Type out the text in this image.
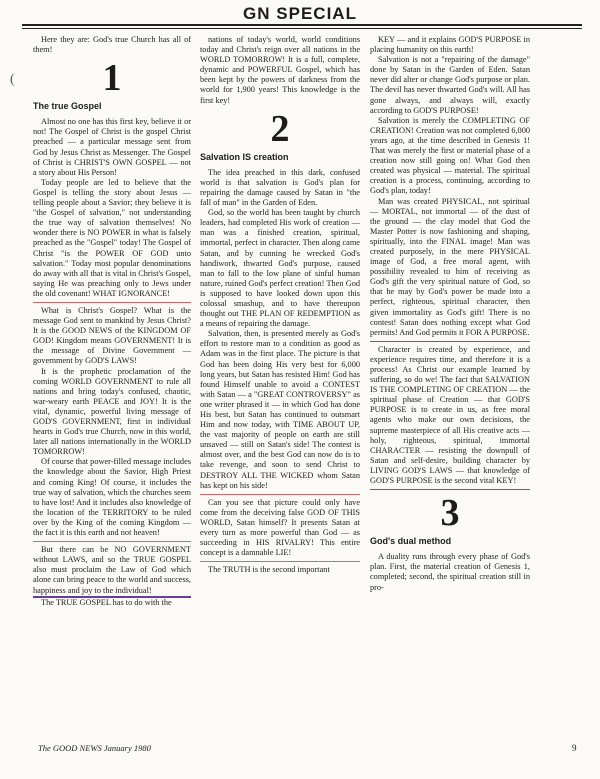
GN SPECIAL
(

Here they are: God's true Church has all of them!

1
The true Gospel

Almost no one has this first key, believe it or not! The Gospel of Christ is the gospel Christ preached — a particular message sent from God by Jesus Christ as Messenger. The Gospel of Christ is CHRIST'S OWN GOSPEL — not a story about His Person!

Today people are led to believe that the Gospel is telling the story about Jesus — telling people about a Savior; they believe it is "the Gospel of salvation," not understanding the true way of salvation themselves! No wonder there is NO POWER in what is falsely preached as the "Gospel" today! The Gospel of Christ "is the POWER OF GOD unto salvation." Today most popular denominations do away with all that is vital in Christ's Gospel, saying He was preaching only to Jews under the old covenant! WHAT IGNORANCE!

What is Christ's Gospel? What is the message God sent to mankind by Jesus Christ? It is the GOOD NEWS of the KINGDOM OF GOD! Kingdom means GOVERNMENT! It is the message of Divine Government — government by GOD'S LAWS!

It is the prophetic proclamation of the coming WORLD GOVERNMENT to rule all nations and bring today's confused, chaotic, war-weary earth PEACE and JOY! It is the vital, dynamic, powerful living message of GOD'S GOVERNMENT, first in individual hearts in God's true Church, now in this world, later all nations internationally in the WORLD TOMORROW!

Of course that power-filled message includes the knowledge about the Savior, High Priest and coming King! Of course, it includes the true way of salvation, which the churches seem to have lost! And it includes also knowledge of the location of the TERRITORY to be ruled over by the King of the coming Kingdom — the fact it is this earth and not heaven!

But there can be NO GOVERNMENT without LAWS, and so the TRUE GOSPEL also must proclaim the Law of God which alone can bring peace to the world and success, happiness and joy to the individual!

The TRUE GOSPEL has to do with the

nations of today's world, world conditions today and Christ's reign over all nations in the WORLD TOMORROW! It is a full, complete, dynamic and POWERFUL Gospel, which has been kept by the powers of darkness from the world for 1,900 years! This knowledge is the first key!

2
Salvation IS creation

The idea preached in this dark, confused world is that salvation is God's plan for repairing the damage caused by Satan in "the fall of man" in the Garden of Eden.

God, so the world has been taught by church leaders, had completed His work of creation — man was a finished creation, spiritual, immortal, perfect in character. Then along came Satan, and by cunning he wrecked God's handiwork, thwarted God's purpose, caused man to fall to the low plane of sinful human nature, ruined God's perfect creation! Then God is supposed to have looked down upon this colossal smashup, and to have thereupon thought out THE PLAN OF REDEMPTION as a means of repairing the damage.

Salvation, then, is presented merely as God's effort to restore man to a condition as good as Adam was in the first place. The picture is that God has been doing His very best for 6,000 long years, but Satan has resisted Him! God has found Himself unable to avoid a CONTEST with Satan — a "GREAT CONTROVERSY" as one writer phrased it — in which God has done His best, but Satan has continued to outsmart Him and now today, with TIME ABOUT UP, the vast majority of people on earth are still unsaved — still on Satan's side! The contest is almost over, and the best God can now do is to take revenge, and soon to send Christ to DESTROY ALL THE WICKED whom Satan has kept on his side!

Can you see that picture could only have come from the deceiving false GOD OF THIS WORLD, Satan himself? It presents Satan at every turn as more powerful than God — as succeeding in HIS RIVALRY! This entire concept is a damnable LIE!

The TRUTH is the second important

KEY — and it explains GOD'S PURPOSE in placing humanity on this earth!

Salvation is not a "repairing of the damage" done by Satan in the Garden of Eden. Satan never did alter or change God's purpose or plan. The devil has never thwarted God's will. All has gone always, and always will, exactly according to GOD'S PURPOSE!

Salvation is merely the COMPLETING OF CREATION! Creation was not completed 6,000 years ago, at the time described in Genesis 1! That was merely the first or material phase of a creation now still going on! What God then created was physical — material. The spiritual creation is a process, continuing, according to God's plan, today!

Man was created PHYSICAL, not spiritual — MORTAL, not immortal — of the dust of the ground — the clay model that God the Master Potter is now fashioning and shaping, spiritually, into the FINAL image! Man was created purposely, in the mere PHYSICAL image of God, a free moral agent, with possibility revealed to him of receiving as God's gift the very spiritual nature of God, so that he may by God's power be made into a perfect, righteous, spiritual character, then given immortality as God's gift! There is no contest! Satan does nothing except what God permits! And God permits it FOR A PURPOSE.

Character is created by experience, and experience requires time, and therefore it is a process! As Christ our example learned by suffering, so do we! The fact that SALVATION IS THE COMPLETING OF CREATION — the spiritual phase of Creation — that GOD'S PURPOSE is to create in us, as free moral agents who make our own decisions, the supreme masterpiece of all His creative acts — holy, righteous, spiritual, immortal CHARACTER — resisting the downpull of Satan and self-desire, building character by LIVING GOD'S LAWS — that knowledge of GOD'S PURPOSE is the second vital KEY!

3
God's dual method

A duality runs through every phase of God's plan. First, the material creation of Genesis 1, completed; second, the spiritual creation still in pro-

The GOOD NEWS January 1980	9
